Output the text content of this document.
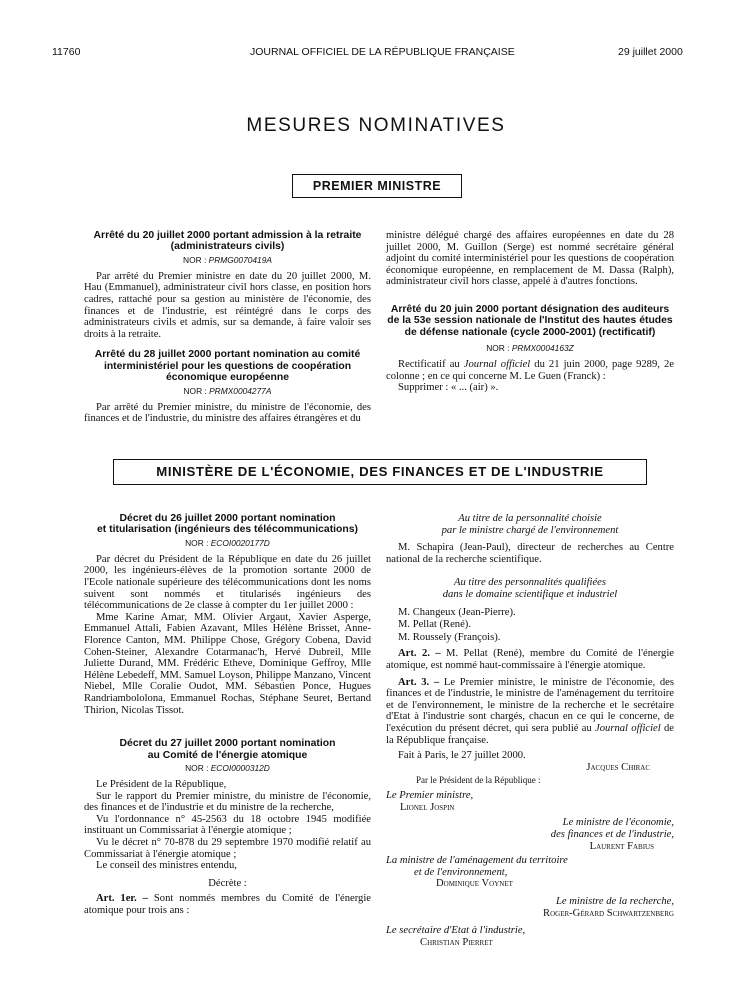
11760	JOURNAL OFFICIEL DE LA RÉPUBLIQUE FRANÇAISE	29 juillet 2000
MESURES NOMINATIVES
PREMIER MINISTRE
Arrêté du 20 juillet 2000 portant admission à la retraite
(administrateurs civils)
NOR : PRMG0070419A

Par arrêté du Premier ministre en date du 20 juillet 2000, M. Hau (Emmanuel), administrateur civil hors classe, en position hors cadres, rattaché pour sa gestion au ministère de l'économie, des finances et de l'industrie, est réintégré dans le corps des administrateurs civils et admis, sur sa demande, à faire valoir ses droits à la retraite.

Arrêté du 28 juillet 2000 portant nomination au comité interministériel pour les questions de coopération économique européenne
NOR : PRMX0004277A

Par arrêté du Premier ministre, du ministre de l'économie, des finances et de l'industrie, du ministre des affaires étrangères et du

ministre délégué chargé des affaires européennes en date du 28 juillet 2000, M. Guillon (Serge) est nommé secrétaire général adjoint du comité interministériel pour les questions de coopération économique européenne, en remplacement de M. Dassa (Ralph), administrateur civil hors classe, appelé à d'autres fonctions.

Arrêté du 20 juin 2000 portant désignation des auditeurs de la 53e session nationale de l'Institut des hautes études de défense nationale (cycle 2000-2001) (rectificatif)
NOR : PRMX0004163Z

Rectificatif au Journal officiel du 21 juin 2000, page 9289, 2e colonne ; en ce qui concerne M. Le Guen (Franck) :

Supprimer : « ... (air) ».

MINISTÈRE DE L'ÉCONOMIE, DES FINANCES ET DE L'INDUSTRIE
Décret du 26 juillet 2000 portant nomination
et titularisation (ingénieurs des télécommunications)
NOR : ECOI0020177D

Par décret du Président de la République en date du 26 juillet 2000, les ingénieurs-élèves de la promotion sortante 2000 de l'Ecole nationale supérieure des télécommunications dont les noms suivent sont nommés et titularisés ingénieurs des télécommunications de 2e classe à compter du 1er juillet 2000 :

Mme Karine Amar, MM. Olivier Argaut, Xavier Asperge, Emmanuel Attali, Fabien Azavant, Mlles Hélène Brisset, Anne-Florence Canton, MM. Philippe Chose, Grégory Cobena, David Cohen-Steiner, Alexandre Cotarmanac'h, Hervé Dubreil, Mlle Juliette Durand, MM. Frédéric Etheve, Dominique Geffroy, Mlle Hélène Lebedeff, MM. Samuel Loyson, Philippe Manzano, Vincent Niebel, Mlle Coralie Oudot, MM. Sébastien Ponce, Hugues Randriambololona, Emmanuel Rochas, Stéphane Seuret, Bertand Thirion, Nicolas Tissot.

Décret du 27 juillet 2000 portant nomination
au Comité de l'énergie atomique
NOR : ECOI0000312D

Le Président de la République,

Sur le rapport du Premier ministre, du ministre de l'économie, des finances et de l'industrie et du ministre de la recherche,

Vu l'ordonnance n° 45-2563 du 18 octobre 1945 modifiée instituant un Commissariat à l'énergie atomique ;

Vu le décret n° 70-878 du 29 septembre 1970 modifié relatif au Commissariat à l'énergie atomique ;

Le conseil des ministres entendu,

Décrète :

Art. 1er. – Sont nommés membres du Comité de l'énergie atomique pour trois ans :

Au titre de la personnalité choisie
par le ministre chargé de l'environnement

M. Schapira (Jean-Paul), directeur de recherches au Centre national de la recherche scientifique.

Au titre des personnalités qualifiées
dans le domaine scientifique et industriel

M. Changeux (Jean-Pierre).

M. Pellat (René).

M. Roussely (François).

Art. 2. – M. Pellat (René), membre du Comité de l'énergie atomique, est nommé haut-commissaire à l'énergie atomique.

Art. 3. – Le Premier ministre, le ministre de l'économie, des finances et de l'industrie, le ministre de l'aménagement du territoire et de l'environnement, le ministre de la recherche et le secrétaire d'Etat à l'industrie sont chargés, chacun en ce qui le concerne, de l'exécution du présent décret, qui sera publié au Journal officiel de la République française.

Fait à Paris, le 27 juillet 2000.

Jacques Chirac
Par le Président de la République :
Le Premier ministre,
Lionel Jospin
Le ministre de l'économie,
des finances et de l'industrie,
Laurent Fabius
La ministre de l'aménagement du territoire
et de l'environnement,
Dominique Voynet
Le ministre de la recherche,
Roger-Gérard Schwartzenberg
Le secrétaire d'Etat à l'industrie,
Christian Pierret
